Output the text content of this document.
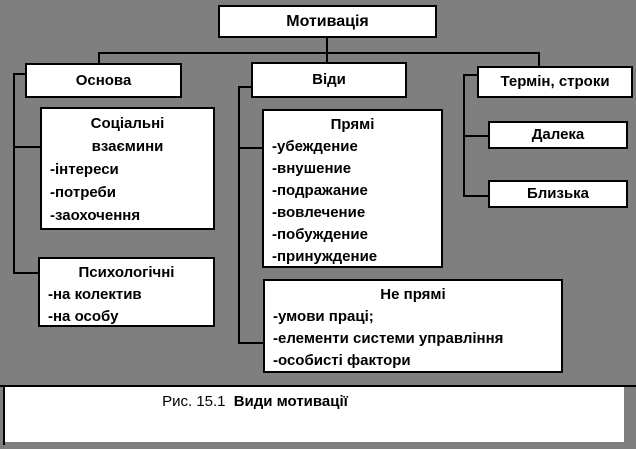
Мотивація
Основа
Соціальні
взаємини
-інтереси
-потреби
-заохочення
Психологічні
-на колектив
-на особу
Віди
Прямі
-убеждение
-внушение
-подражание
-вовлечение
-побуждение
-принуждение
Не прямі
-умови праці;
-елементи системи управління
-особисті фактори
Термін, строки
Далека
Близька
Рис. 15.1 Види мотивації
